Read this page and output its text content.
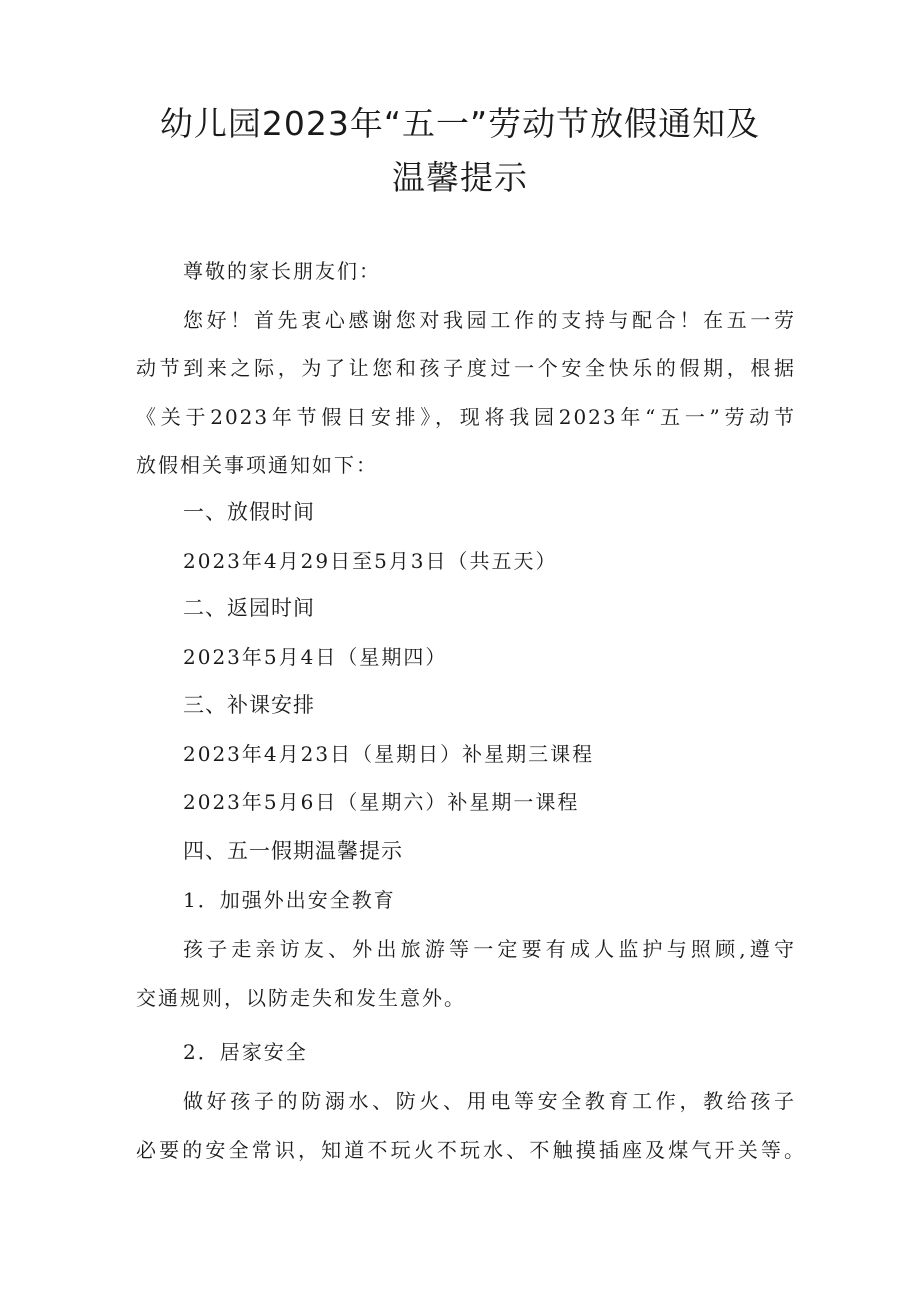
幼儿园2023年“五一”劳动节放假通知及
温馨提示

尊敬的家长朋友们：

您好！首先衷心感谢您对我园工作的支持与配合！在五一劳

动节到来之际，为了让您和孩子度过一个安全快乐的假期，根据

《关于2023年节假日安排》，现将我园2023年“五一”劳动节

放假相关事项通知如下：

一、放假时间

2023年4月29日至5月3日（共五天）

二、返园时间

2023年5月4日（星期四）

三、补课安排

2023年4月23日（星期日）补星期三课程

2023年5月6日（星期六）补星期一课程

四、五一假期温馨提示

1．加强外出安全教育

孩子走亲访友、外出旅游等一定要有成人监护与照顾,遵守

交通规则，以防走失和发生意外。

2．居家安全

做好孩子的防溺水、防火、用电等安全教育工作，教给孩子

必要的安全常识，知道不玩火不玩水、不触摸插座及煤气开关等。
